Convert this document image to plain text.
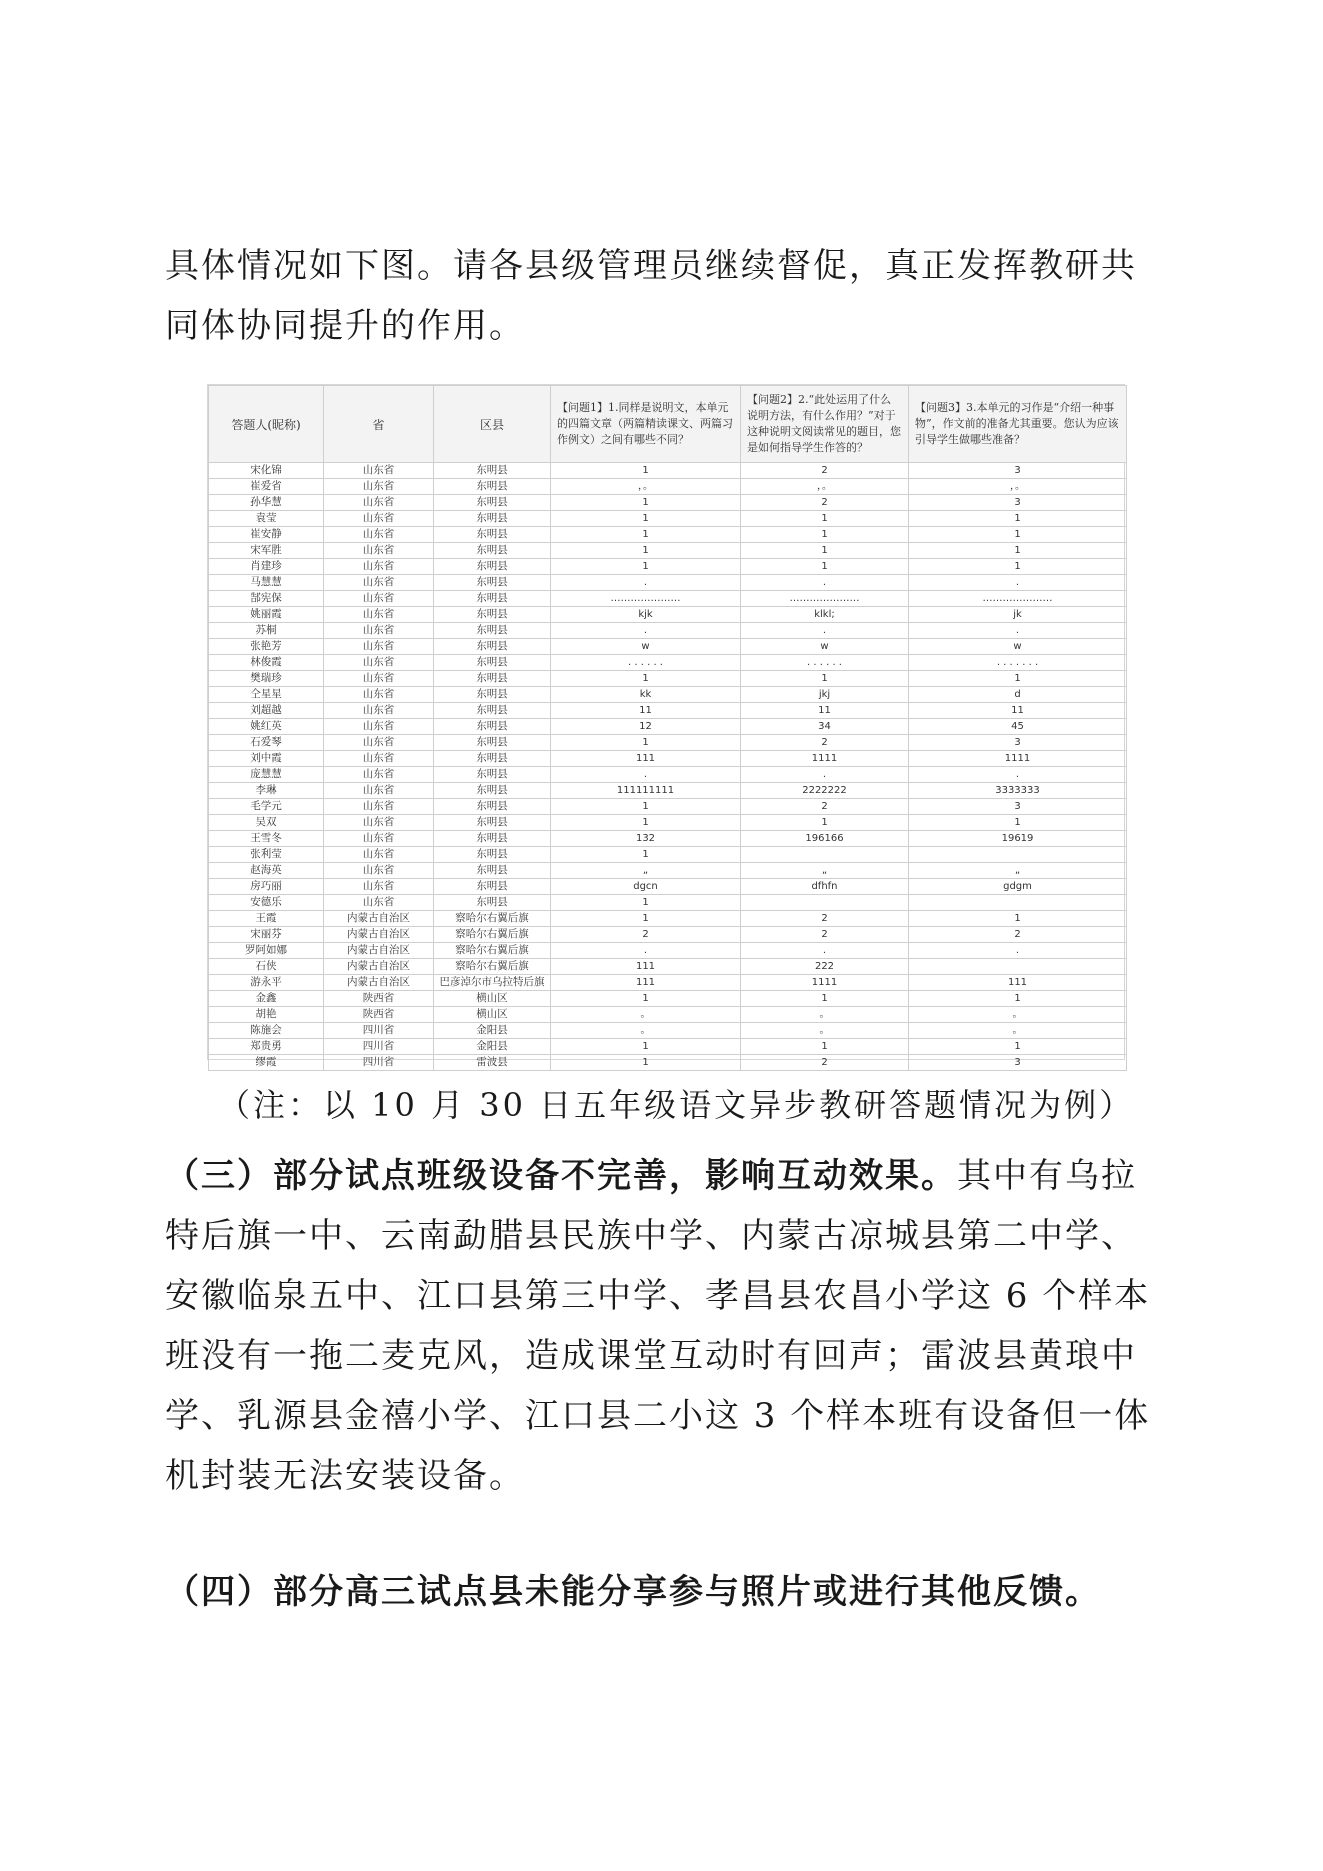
具体情况如下图。请各县级管理员继续督促，真正发挥教研共同体协同提升的作用。

答题人(昵称)	省	区县	【问题1】1.同样是说明文，本单元的四篇文章（两篇精读课文、两篇习作例文）之间有哪些不同？	【问题2】2.“此处运用了什么说明方法，有什么作用？”对于这种说明文阅读常见的题目，您是如何指导学生作答的？	【问题3】3.本单元的习作是“介绍一种事物”，作文前的准备尤其重要。您认为应该引导学生做哪些准备？
宋化锦	山东省	东明县	1	2	3
崔爱省	山东省	东明县	，。	，。	，。
孙华慧	山东省	东明县	1	2	3
袁莹	山东省	东明县	1	1	1
崔安静	山东省	东明县	1	1	1
宋军胜	山东省	东明县	1	1	1
肖建珍	山东省	东明县	1	1	1
马慧慧	山东省	东明县	.	.	.
郜宪保	山东省	东明县	…………………	…………………	…………………
姚丽霞	山东省	东明县	kjk	klkl;	jk
苏桐	山东省	东明县	.	.	.
张艳芳	山东省	东明县	w	w	w
林俊霞	山东省	东明县	. . . . . .	. . . . . .	. . . . . . .
樊瑞珍	山东省	东明县	1	1	1
仝星星	山东省	东明县	kk	jkj	d
刘超越	山东省	东明县	11	11	11
姚红英	山东省	东明县	12	34	45
石爱琴	山东省	东明县	1	2	3
刘中霞	山东省	东明县	111	1111	1111
庞慧慧	山东省	东明县	.	.	.
李琳	山东省	东明县	111111111	2222222	3333333
毛学元	山东省	东明县	1	2	3
吴双	山东省	东明县	1	1	1
王雪冬	山东省	东明县	132	196166	19619
张利莹	山东省	东明县	1		
赵海英	山东省	东明县	„	„	„
房巧丽	山东省	东明县	dgcn	dfhfn	gdgm
安德乐	山东省	东明县	1		
王霞	内蒙古自治区	察哈尔右翼后旗	1	2	1
宋丽芬	内蒙古自治区	察哈尔右翼后旗	2	2	2
罗阿如娜	内蒙古自治区	察哈尔右翼后旗	.	.	.
石侠	内蒙古自治区	察哈尔右翼后旗	111	222	
游永平	内蒙古自治区	巴彦淖尔市乌拉特后旗	111	1111	111
金鑫	陕西省	横山区	1	1	1
胡艳	陕西省	横山区	。	。	。
陈施会	四川省	金阳县	。	。	。
郑贵勇	四川省	金阳县	1	1	1
缪霞	四川省	雷波县	1	2	3
（注：以 10 月 30 日五年级语文异步教研答题情况为例）

（三）部分试点班级设备不完善，影响互动效果。其中有乌拉特后旗一中、云南勐腊县民族中学、内蒙古凉城县第二中学、安徽临泉五中、江口县第三中学、孝昌县农昌小学这 6 个样本班没有一拖二麦克风，造成课堂互动时有回声；雷波县黄琅中学、乳源县金禧小学、江口县二小这 3 个样本班有设备但一体机封装无法安装设备。

（四）部分高三试点县未能分享参与照片或进行其他反馈。
